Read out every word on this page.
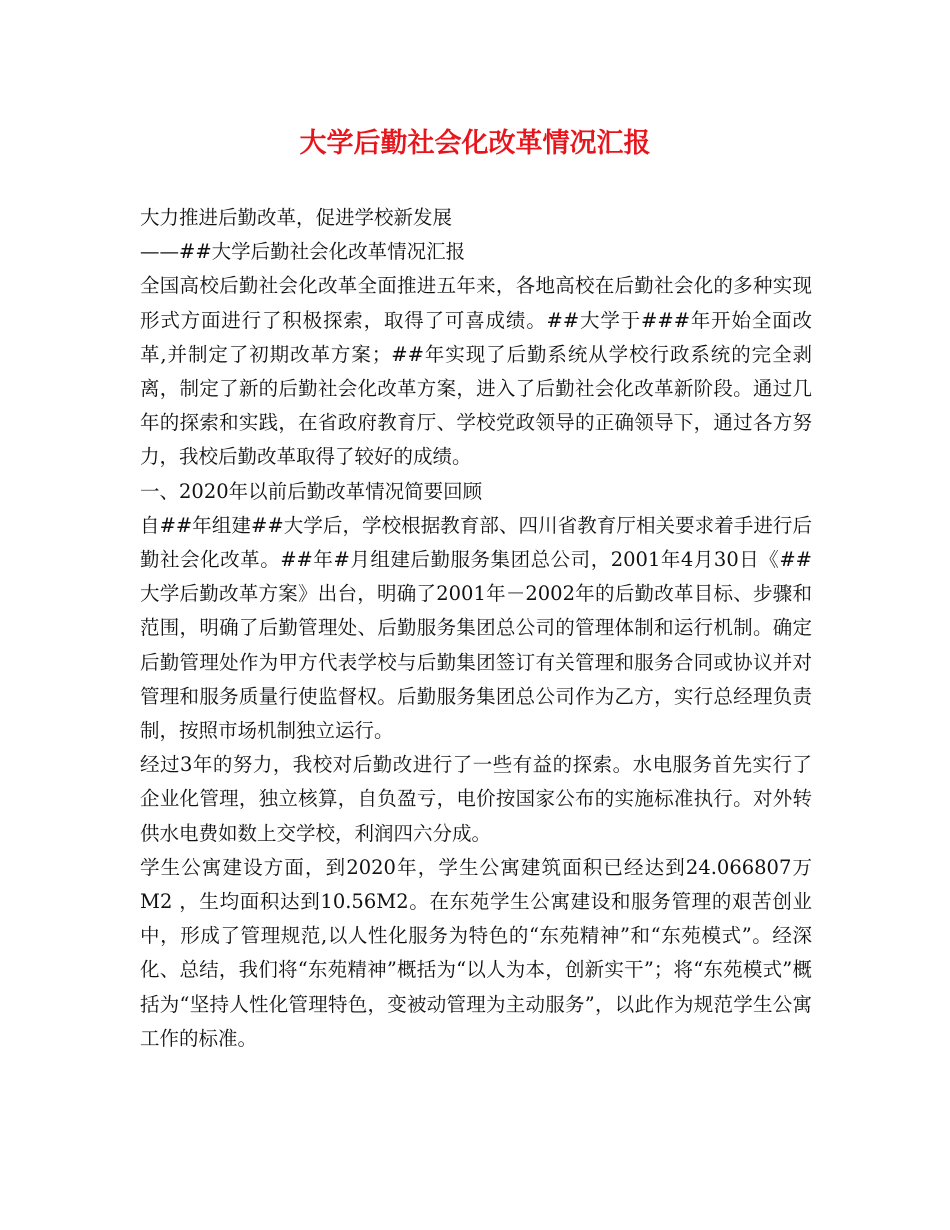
大学后勤社会化改革情况汇报

大力推进后勤改革，促进学校新发展

——##大学后勤社会化改革情况汇报

全国高校后勤社会化改革全面推进五年来，各地高校在后勤社会化的多种实现形式方面进行了积极探索，取得了可喜成绩。##大学于###年开始全面改革,并制定了初期改革方案；##年实现了后勤系统从学校行政系统的完全剥离，制定了新的后勤社会化改革方案，进入了后勤社会化改革新阶段。通过几年的探索和实践，在省政府教育厅、学校党政领导的正确领导下，通过各方努力，我校后勤改革取得了较好的成绩。

一、2020年以前后勤改革情况简要回顾

自##年组建##大学后，学校根据教育部、四川省教育厅相关要求着手进行后勤社会化改革。##年#月组建后勤服务集团总公司，2001年4月30日《##大学后勤改革方案》出台，明确了2001年－2002年的后勤改革目标、步骤和范围，明确了后勤管理处、后勤服务集团总公司的管理体制和运行机制。确定后勤管理处作为甲方代表学校与后勤集团签订有关管理和服务合同或协议并对管理和服务质量行使监督权。后勤服务集团总公司作为乙方，实行总经理负责制，按照市场机制独立运行。

经过3年的努力，我校对后勤改进行了一些有益的探索。水电服务首先实行了企业化管理，独立核算，自负盈亏，电价按国家公布的实施标准执行。对外转供水电费如数上交学校，利润四六分成。

学生公寓建设方面，到2020年，学生公寓建筑面积已经达到24.066807万M2 ，生均面积达到10.56M2。在东苑学生公寓建设和服务管理的艰苦创业中，形成了管理规范,以人性化服务为特色的“东苑精神”和“东苑模式”。经深化、总结，我们将“东苑精神”概括为“以人为本，创新实干”；将“东苑模式”概括为“坚持人性化管理特色，变被动管理为主动服务”，以此作为规范学生公寓工作的标准。
